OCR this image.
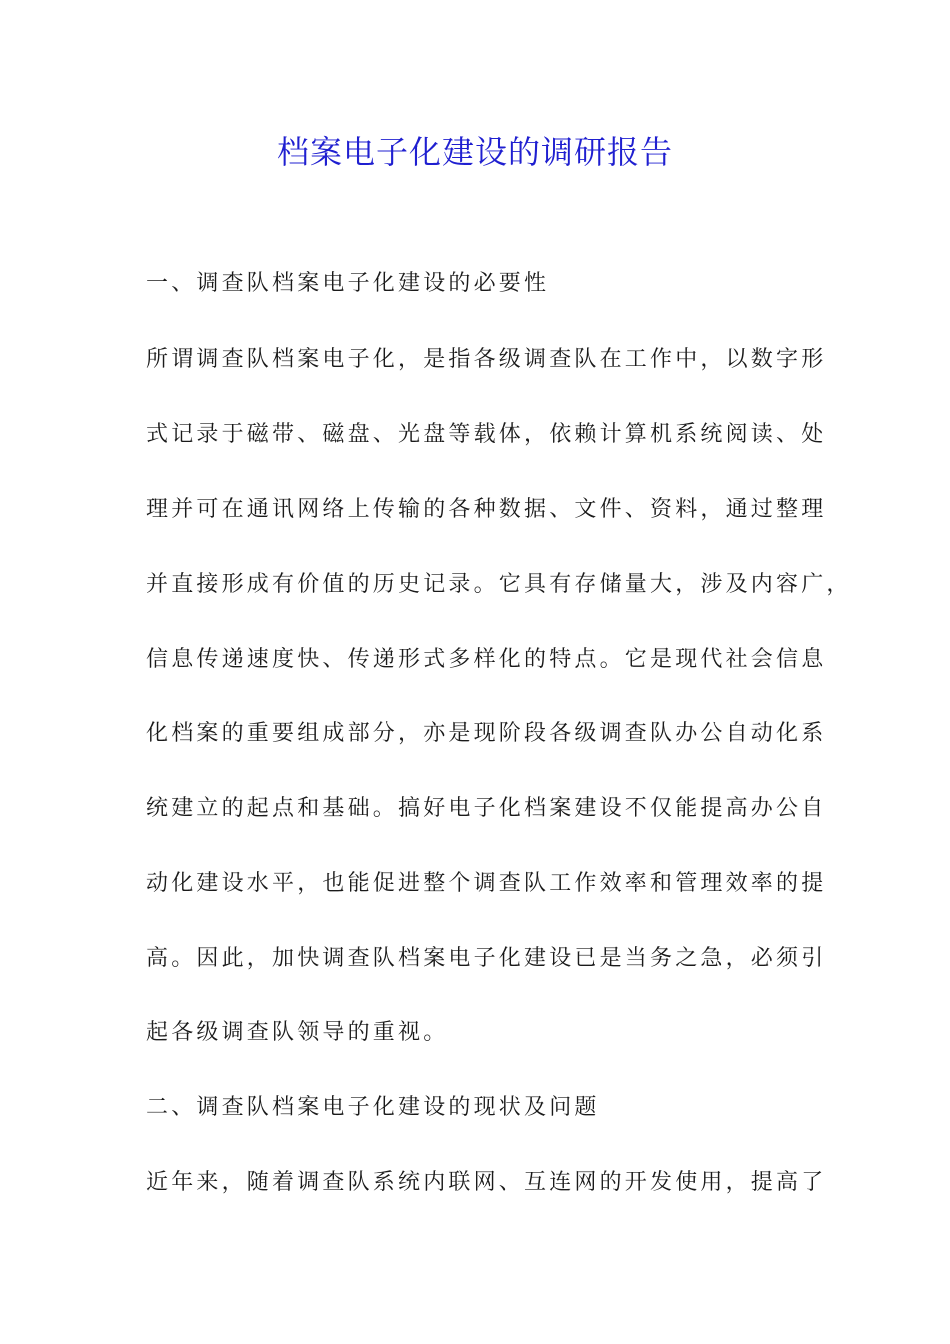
档案电子化建设的调研报告

一、调查队档案电子化建设的必要性

所谓调查队档案电子化，是指各级调查队在工作中，以数字形

式记录于磁带、磁盘、光盘等载体，依赖计算机系统阅读、处

理并可在通讯网络上传输的各种数据、文件、资料，通过整理

并直接形成有价值的历史记录。它具有存储量大，涉及内容广，

信息传递速度快、传递形式多样化的特点。它是现代社会信息

化档案的重要组成部分，亦是现阶段各级调查队办公自动化系

统建立的起点和基础。搞好电子化档案建设不仅能提高办公自

动化建设水平，也能促进整个调查队工作效率和管理效率的提

高。因此，加快调查队档案电子化建设已是当务之急，必须引

起各级调查队领导的重视。

二、调查队档案电子化建设的现状及问题

近年来，随着调查队系统内联网、互连网的开发使用，提高了
